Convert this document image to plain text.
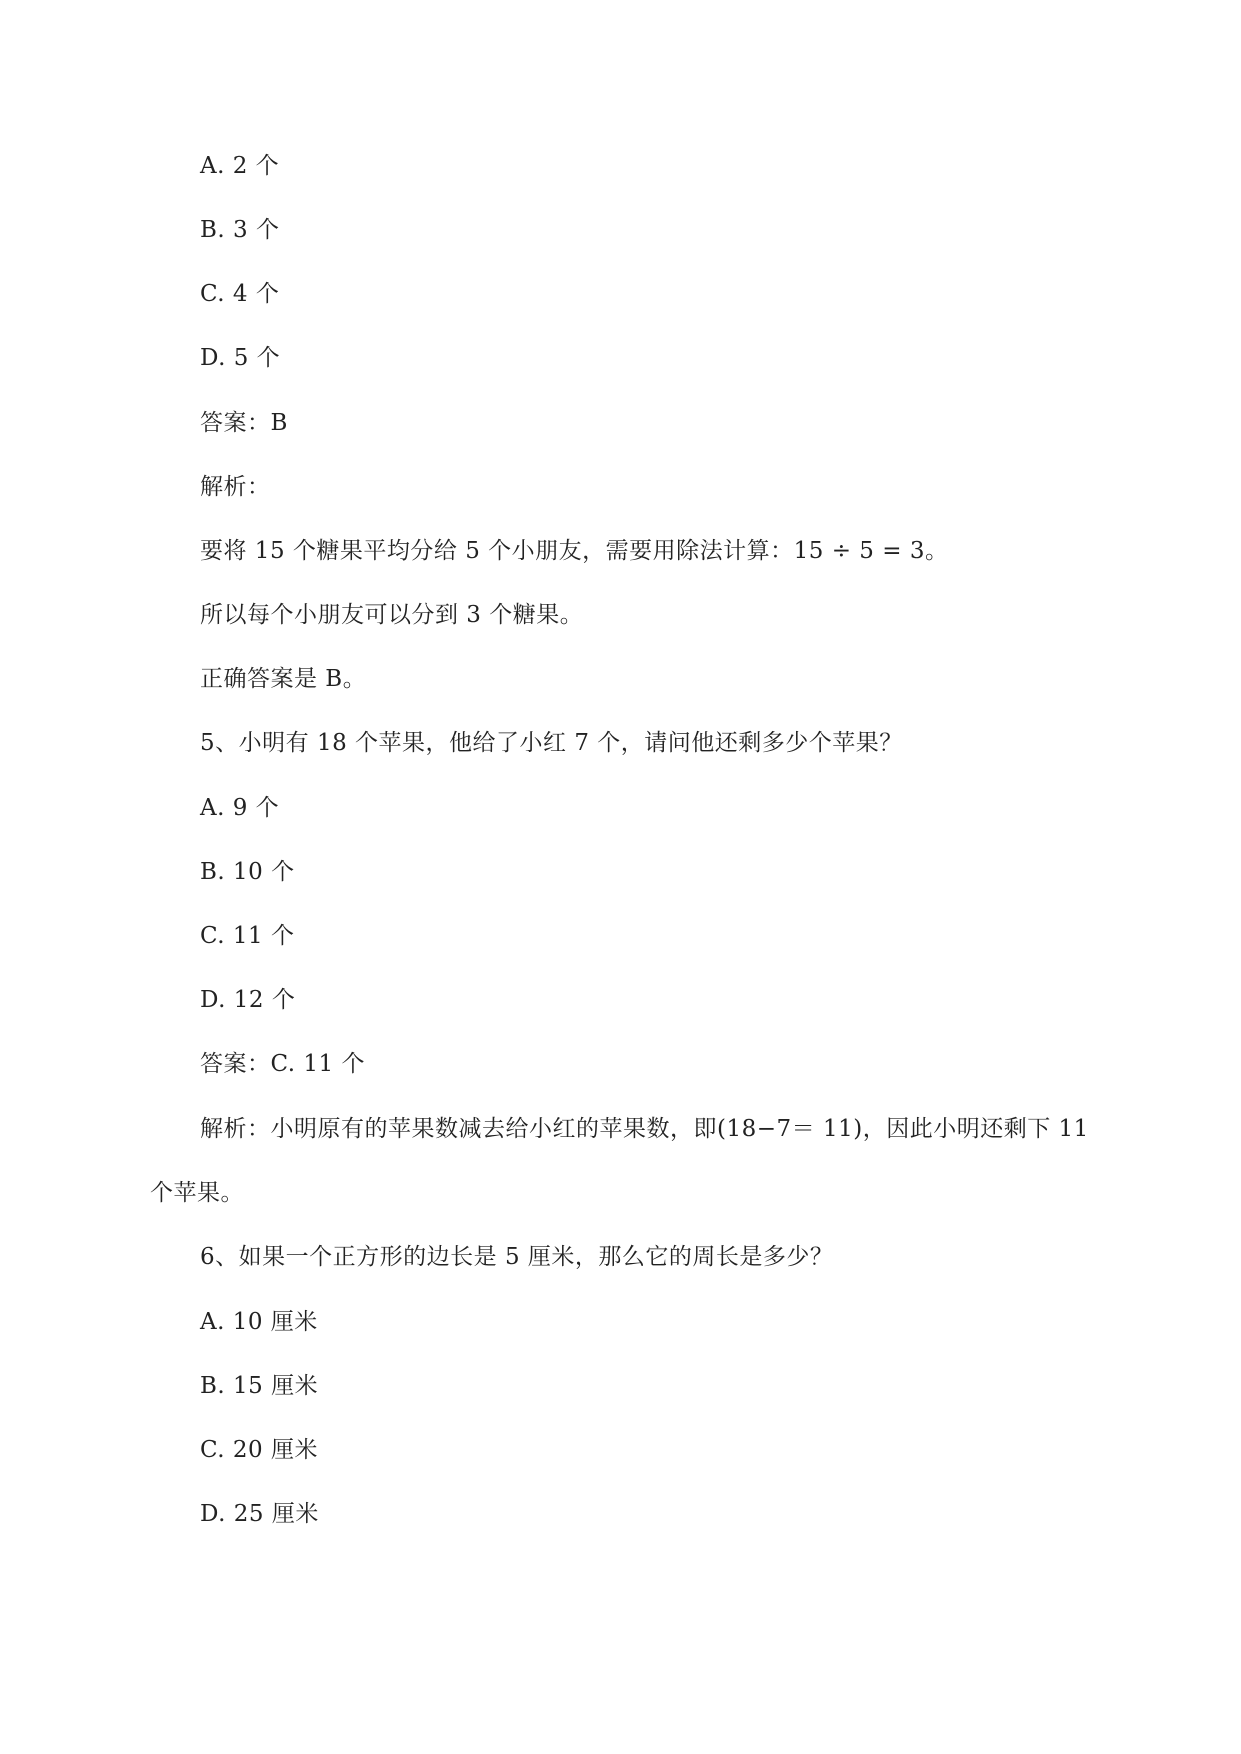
A. 2 个
B. 3 个
C. 4 个
D. 5 个
答案：B
解析：
要将 15 个糖果平均分给 5 个小朋友，需要用除法计算：15 ÷ 5 = 3。
所以每个小朋友可以分到 3 个糖果。
正确答案是 B。
5、小明有 18 个苹果，他给了小红 7 个，请问他还剩多少个苹果？
A. 9 个
B. 10 个
C. 11 个
D. 12 个
答案：C. 11 个
解析：小明原有的苹果数减去给小红的苹果数，即(18−7＝ 11)，因此小明还剩下 11
个苹果。
6、如果一个正方形的边长是 5 厘米，那么它的周长是多少？
A. 10 厘米
B. 15 厘米
C. 20 厘米
D. 25 厘米
